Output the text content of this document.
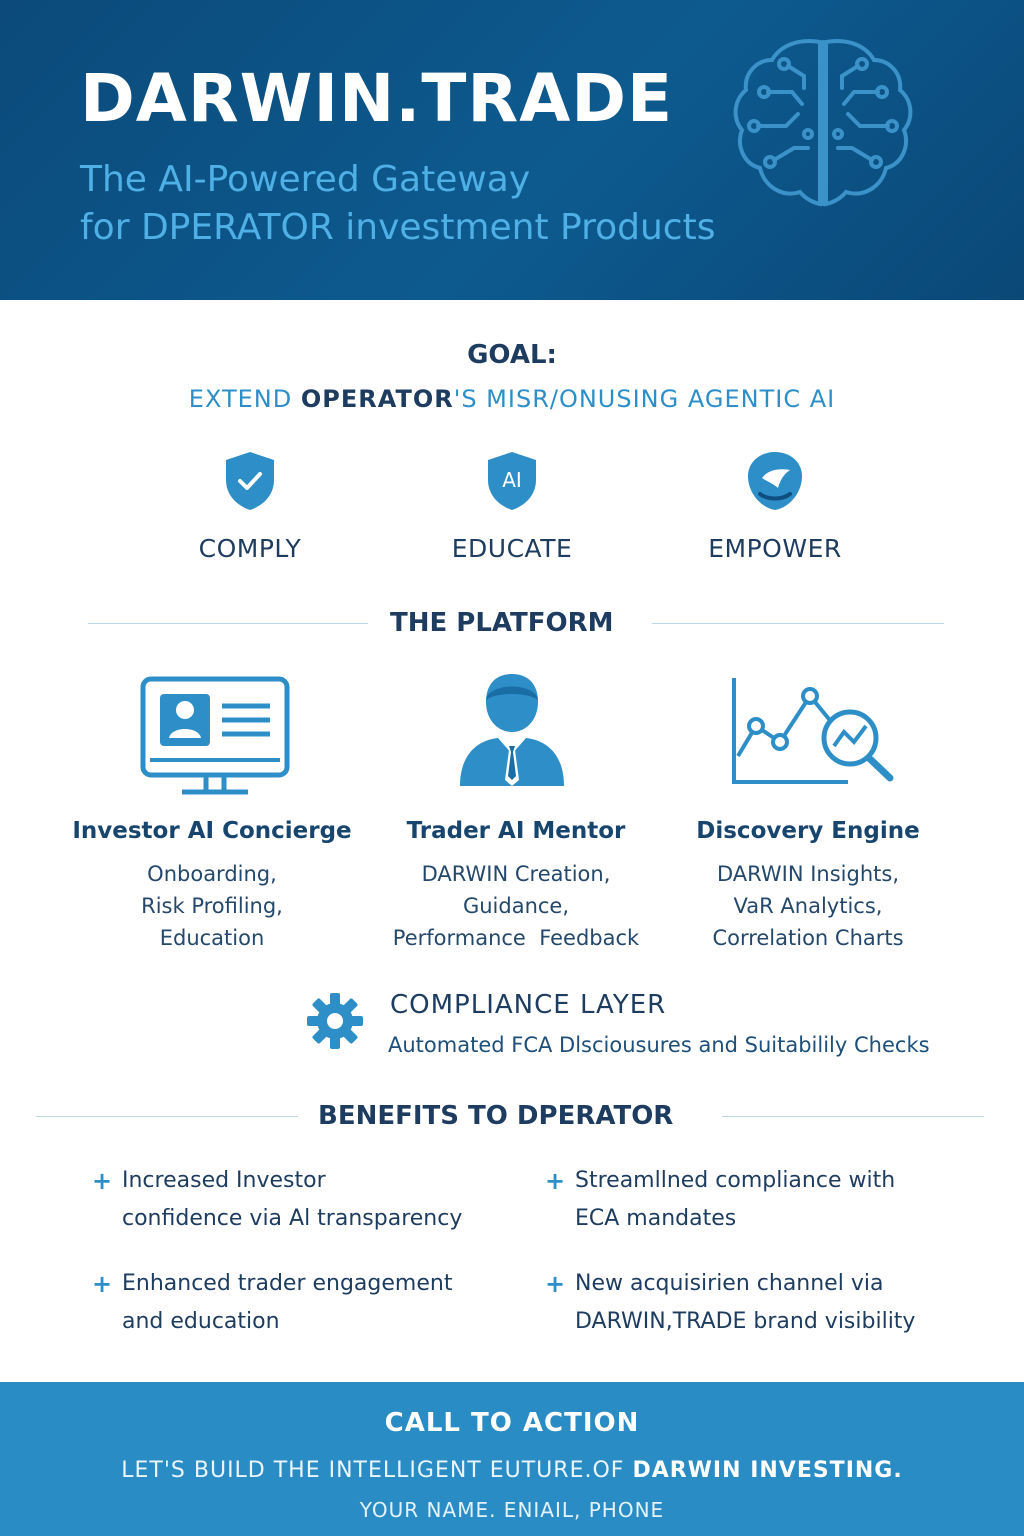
DARWIN.TRADE
The AI-Powered Gateway
for DPERATOR investment Products
GOAL:
EXTEND OPERATOR'S MISR/ONUSING AGENTIC AI
COMPLY
AI
EDUCATE	EMPOWER
THE PLATFORM
Investor AI Concierge
Onboarding,
Risk Profiling,
Education
Trader AI Mentor
DARWIN Creation,
Guidance,
Performance  Feedback
Discovery Engine
DARWIN Insights,
VaR Analytics,
Correlation Charts
COMPLIANCE LAYER
Automated FCA Dlsciousures and Suitabilily Checks
BENEFITS TO DPERATOR
+ Increased Investor
confidence via Al transparency
+ Streamllned compliance with
ECA mandates
+ Enhanced trader engagement
and education
+ New acquisirien channel via
DARWIN,TRADE brand visibility
CALL TO ACTION
LET'S BUILD THE INTELLIGENT EUTURE.OF DARWIN INVESTING.
YOUR NAME. ENIAIL, PHONE
